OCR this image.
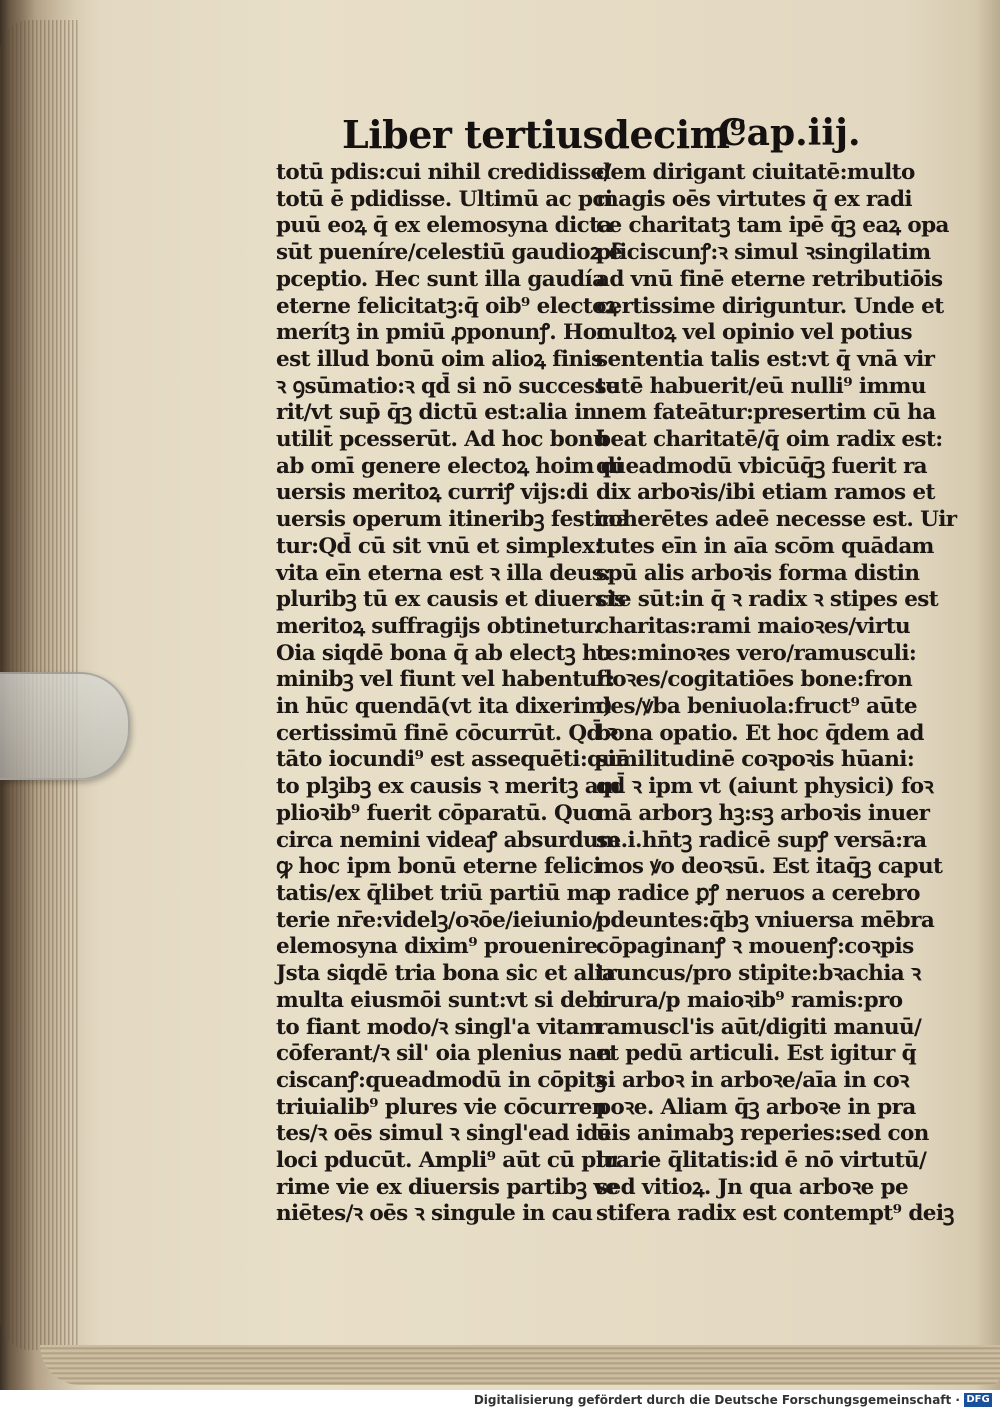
Liber tertiusdecim⁹
Cap.iij.
totū pdis:cui nihil credidisse/
totū ē pdidisse. Ultimū ac pci
puū eoꝝ q̄ ex elemosyna dicta
sūt pueníre/celestiū gaudioꝝ ē
pceptio. Hec sunt illa gaudía
eterne felicitatꝫ:q̄ oib⁹ electoꝝ
merítꝫ in pmiū ꝓponunꝭ. Hoc
est illud bonū oim alioꝝ finis
ꝛ ꝯsūmatio:ꝛ qd̄ si nō successe
rit/vt sup̄ q̄ꝫ dictū est:alia in
utilit̄ pcesserūt. Ad hoc bonū
ab omī genere electoꝝ hoim di
uersis meritoꝝ curriꝭ vijs:di
uersis operum itineribꝫ festina
tur:Qd̄ cū sit vnū et simplex:
vita eīn eterna est ꝛ illa deus:
pluribꝫ tū ex causis et diuersis
meritoꝝ suffragijs obtinetur.
Oia siqdē bona q̄ ab electꝫ ho
minibꝫ vel fiunt vel habentur:
in hūc quendā(vt ita dixerim)
certissimū finē cōcurrūt. Qd̄ ꝛ
tāto iocundi⁹ est assequēti:quā
to plꝫibꝫ ex causis ꝛ meritꝫ am
plioꝛib⁹ fuerit cōparatū. Quo
circa nemini videaꝭ absurdum
ꝙ hoc ipm bonū eterne felici
tatis/ex q̄libet triū partiū ma
terie nr̄e:videlꝫ/oꝛōe/ieiunio/
elemosyna dixim⁹ prouenire.
Jsta siqdē tria bona sic et alia
multa eiusmōi sunt:vt si debi
to fiant modo/ꝛ singl'a vitam
cōferant/ꝛ sil' oia plenius nan
ciscanꝭ:queadmodū in cōpitꝫ
triuialib⁹ plures vie cōcurren
tes/ꝛ oēs simul ꝛ singl'ead idē
loci pducūt. Ampli⁹ aūt cū plu
rime vie ex diuersis partibꝫ ve
niētes/ꝛ oēs ꝛ singule in cau
dem dirigant ciuitatē:multo
magis oēs virtutes q̄ ex radi
ce charitatꝫ tam ipē q̄ꝫ eaꝝ opa
pficiscunꝭ:ꝛ simul ꝛsingilatim
ad vnū finē eterne retributiōis
certissime diriguntur. Unde et
multoꝝ vel opinio vel potius
sententia talis est:vt q̄ vnā vir
tutē habuerit/eū nulli⁹ immu
nem fateātur:presertim cū ha
beat charitatē/q̄ oim radix est:
queadmodū vbicūq̄ꝫ fuerit ra
dix arboꝛis/ibi etiam ramos et
coherētes adeē necesse est. Uir
tutes eīn in aīa scōm quādam
spū alis arboꝛis forma distin
cte sūt:in q̄ ꝛ radix ꝛ stipes est
charitas:rami maioꝛes/virtu
tes:minoꝛes vero/ramusculi:
floꝛes/cogitatiōes bone:fron
des/ꝟba beniuola:fruct⁹ aūte
bona opatio. Et hoc q̄dem ad
similitudinē coꝛpoꝛis hūani:
qd̄ ꝛ ipm vt (aiunt physici) foꝛ
mā arborꝫ hꝫ:sꝫ arboꝛis inuer
se.i.hn̄tꝫ radicē supꝭ versā:ra
mos ꝟo deoꝛsū. Est itaq̄ꝫ caput
p radice ꝑꝭ neruos a cerebro
pdeuntes:q̄bꝫ vniuersa mēbra
cōpaginanꝭ ꝛ mouenꝭ:coꝛpis
truncus/pro stipite:bꝛachia ꝛ
crura/p maioꝛib⁹ ramis:pro
ramuscl'is aūt/digiti manuū/
et pedū articuli. Est igitur q̄
si arboꝛ in arboꝛe/aīa in coꝛ
poꝛe. Aliam q̄ꝫ arboꝛe in pra
uis animabꝫ reperies:sed con
trarie q̄litatis:id ē nō virtutū/
sed vitioꝝ. Jn qua arboꝛe pe
stifera radix est contempt⁹ deiꝫ
Digitalisierung gefördert durch die Deutsche Forschungsgemeinschaft · DFG
